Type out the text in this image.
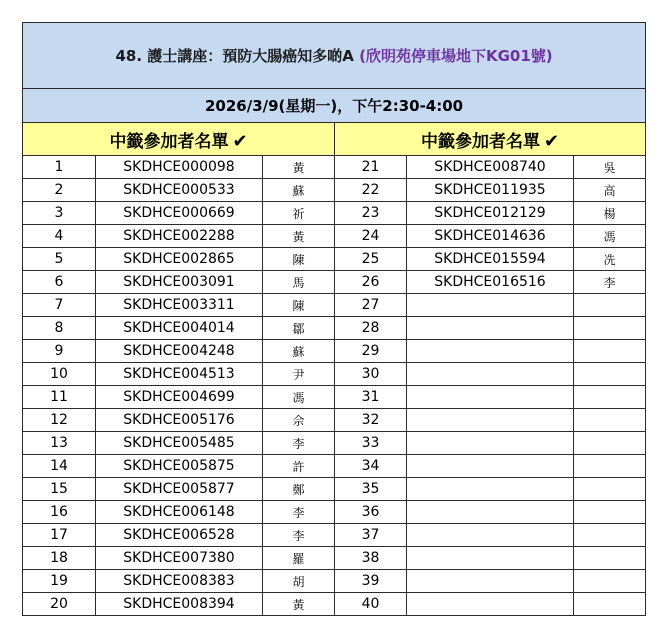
48. 護士講座：預防大腸癌知多啲A (欣明苑停車場地下KG01號)					
2026/3/9(星期一)，下午2:30-4:00					
中籤參加者名單 ✔			中籤參加者名單 ✔		
1	SKDHCE000098	黃	21	SKDHCE008740	吳
2	SKDHCE000533	蘇	22	SKDHCE011935	高
3	SKDHCE000669	祈	23	SKDHCE012129	楊
4	SKDHCE002288	黃	24	SKDHCE014636	馮
5	SKDHCE002865	陳	25	SKDHCE015594	冼
6	SKDHCE003091	馬	26	SKDHCE016516	李
7	SKDHCE003311	陳	27		
8	SKDHCE004014	鄒	28		
9	SKDHCE004248	蘇	29		
10	SKDHCE004513	尹	30		
11	SKDHCE004699	馮	31		
12	SKDHCE005176	佘	32		
13	SKDHCE005485	李	33		
14	SKDHCE005875	許	34		
15	SKDHCE005877	鄭	35		
16	SKDHCE006148	李	36		
17	SKDHCE006528	李	37		
18	SKDHCE007380	羅	38		
19	SKDHCE008383	胡	39		
20	SKDHCE008394	黃	40		
